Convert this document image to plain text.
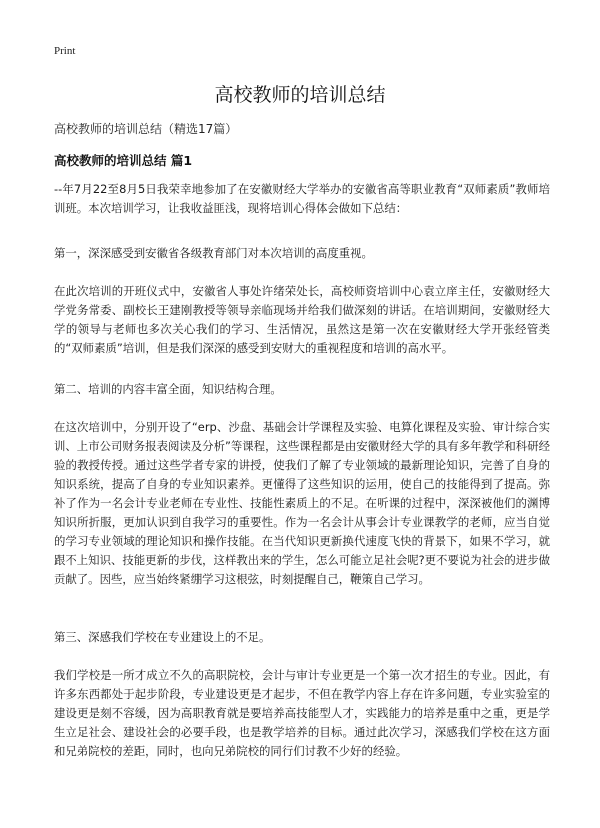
Print
高校教师的培训总结
高校教师的培训总结（精选17篇）
高校教师的培训总结 篇1

--年7月22至8月5日我荣幸地参加了在安徽财经大学举办的安徽省高等职业教育“双师素质”教师培训班。本次培训学习，让我收益匪浅，现将培训心得体会做如下总结：

第一，深深感受到安徽省各级教育部门对本次培训的高度重视。

在此次培训的开班仪式中，安徽省人事处许绪荣处长，高校师资培训中心袁立庠主任，安徽财经大学党务常委、副校长王建刚教授等领导亲临现场并给我们做深刻的讲话。在培训期间，安徽财经大学的领导与老师也多次关心我们的学习、生活情况，虽然这是第一次在安徽财经大学开张经管类的“双师素质”培训，但是我们深深的感受到安财大的重视程度和培训的高水平。

第二、培训的内容丰富全面，知识结构合理。

在这次培训中，分别开设了“erp、沙盘、基础会计学课程及实验、电算化课程及实验、审计综合实训、上市公司财务报表阅读及分析”等课程，这些课程都是由安徽财经大学的具有多年教学和科研经验的教授传授。通过这些学者专家的讲授，使我们了解了专业领域的最新理论知识，完善了自身的知识系统，提高了自身的专业知识素养。更懂得了这些知识的运用，使自己的技能得到了提高。弥补了作为一名会计专业老师在专业性、技能性素质上的不足。在听课的过程中，深深被他们的渊博知识所折服，更加认识到自我学习的重要性。作为一名会计从事会计专业课教学的老师，应当自觉的学习专业领域的理论知识和操作技能。在当代知识更新换代速度飞快的背景下，如果不学习，就跟不上知识、技能更新的步伐，这样教出来的学生，怎么可能立足社会呢?更不要说为社会的进步做贡献了。因些，应当始终紧绷学习这根弦，时刻提醒自己，鞭策自己学习。

第三、深感我们学校在专业建设上的不足。

我们学校是一所才成立不久的高职院校，会计与审计专业更是一个第一次才招生的专业。因此，有许多东西都处于起步阶段，专业建设更是才起步，不但在教学内容上存在许多问题，专业实验室的建设更是刻不容缓，因为高职教育就是要培养高技能型人才，实践能力的培养是重中之重，更是学生立足社会、建设社会的必要手段，也是教学培养的目标。通过此次学习，深感我们学校在这方面和兄弟院校的差距，同时，也向兄弟院校的同行们讨教不少好的经验。
